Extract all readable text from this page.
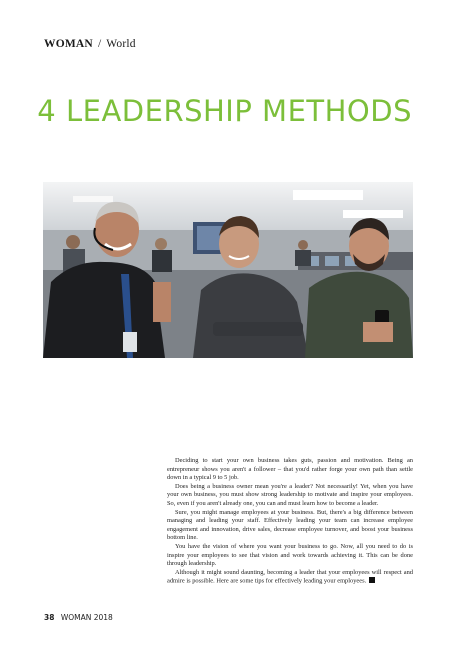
WOMAN / World
4 LEADERSHIP METHODS

Deciding to start your own business takes guts, passion and motivation. Being an entrepreneur shows you aren't a follower – that you'd rather forge your own path than settle down in a typical 9 to 5 job.

Does being a business owner mean you're a leader? Not necessarily! Yet, when you have your own business, you must show strong leadership to motivate and inspire your employees. So, even if you aren't already one, you can and must learn how to become a leader.

Sure, you might manage employees at your business. But, there's a big difference between managing and leading your staff. Effectively leading your team can increase employee engagement and innovation, drive sales, decrease employee turnover, and boost your business bottom line.

You have the vision of where you want your business to go. Now, all you need to do is inspire your employees to see that vision and work towards achieving it. This can be done through leadership.

Although it might sound daunting, becoming a leader that your employees will respect and admire is possible. Here are some tips for effectively leading your employees.

38 WOMAN 2018
